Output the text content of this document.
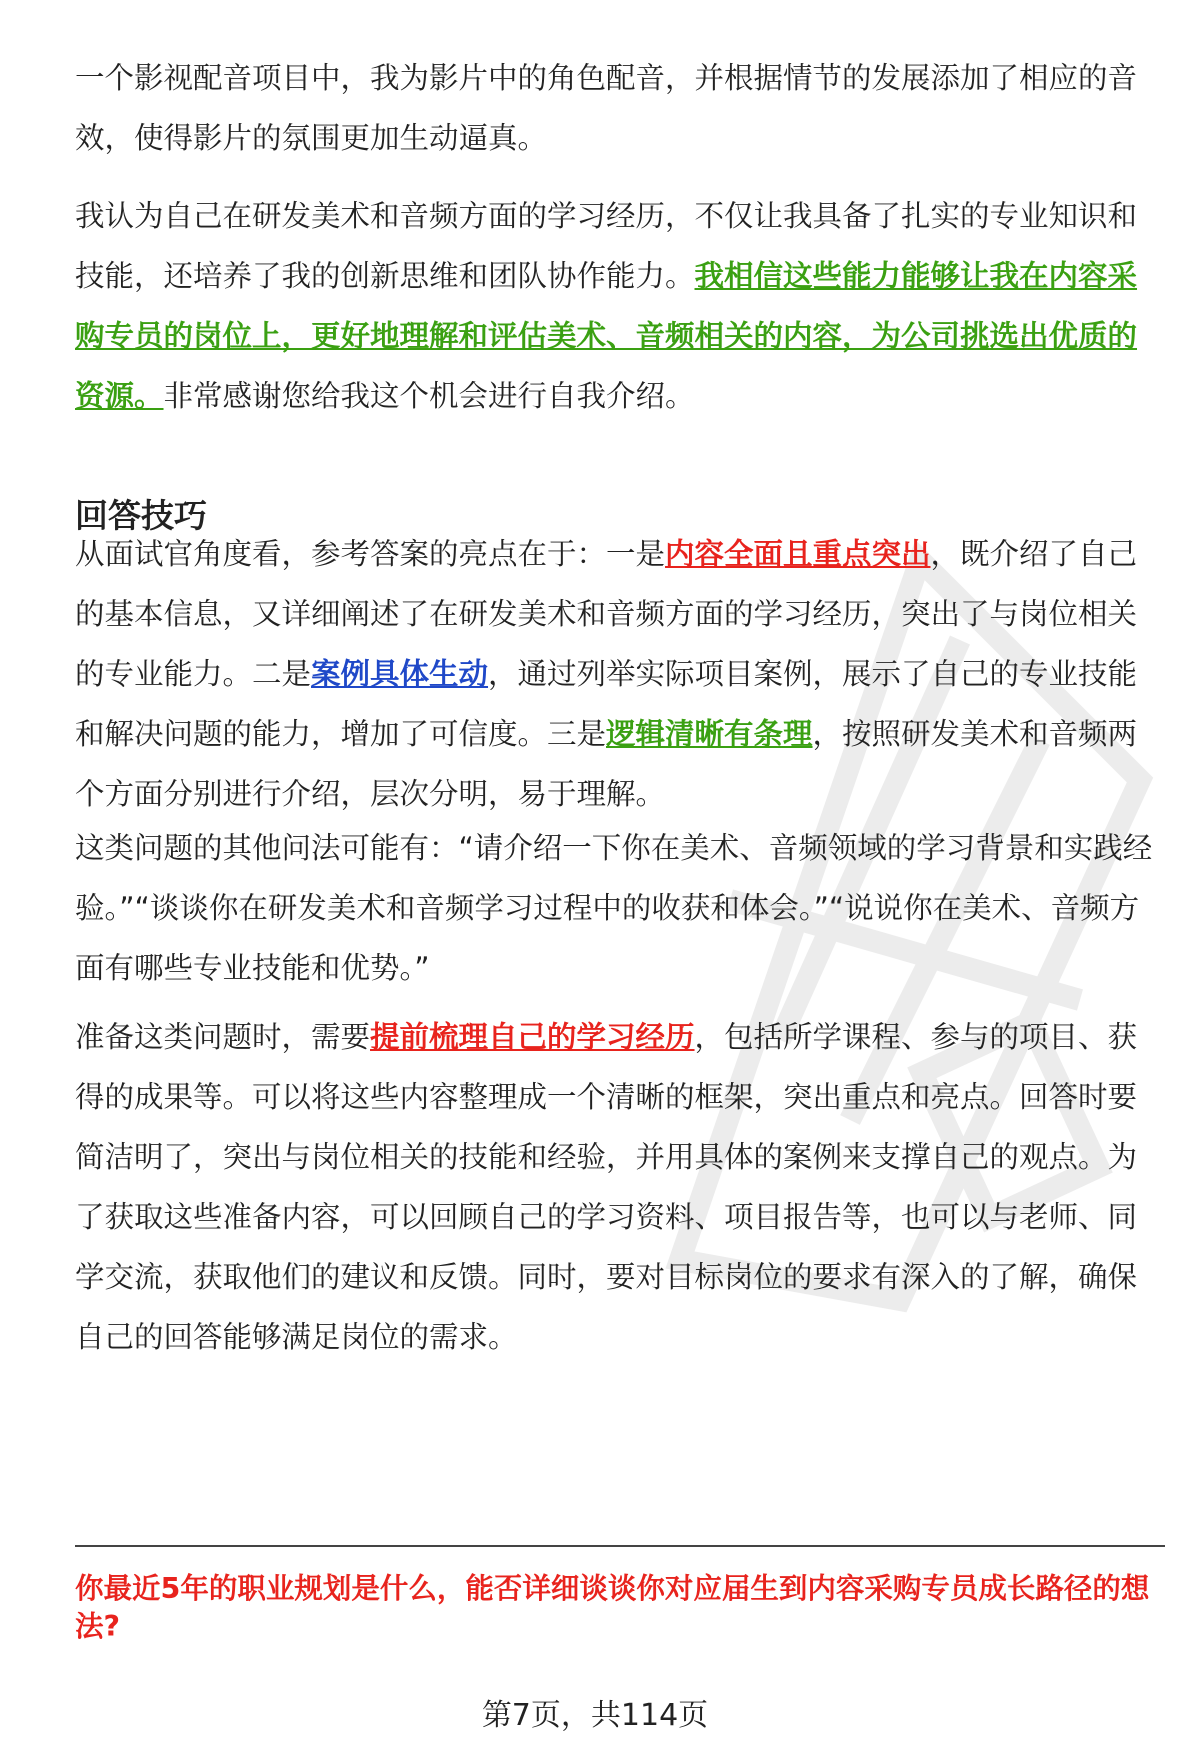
一个影视配音项目中，我为影片中的角色配音，并根据情节的发展添加了相应的音效，使得影片的氛围更加生动逼真。

我认为自己在研发美术和音频方面的学习经历，不仅让我具备了扎实的专业知识和技能，还培养了我的创新思维和团队协作能力。我相信这些能力能够让我在内容采购专员的岗位上，更好地理解和评估美术、音频相关的内容，为公司挑选出优质的资源。非常感谢您给我这个机会进行自我介绍。

回答技巧

从面试官角度看，参考答案的亮点在于：一是内容全面且重点突出，既介绍了自己的基本信息，又详细阐述了在研发美术和音频方面的学习经历，突出了与岗位相关的专业能力。二是案例具体生动，通过列举实际项目案例，展示了自己的专业技能和解决问题的能力，增加了可信度。三是逻辑清晰有条理，按照研发美术和音频两个方面分别进行介绍，层次分明，易于理解。

这类问题的其他问法可能有：“请介绍一下你在美术、音频领域的学习背景和实践经验。”“谈谈你在研发美术和音频学习过程中的收获和体会。”“说说你在美术、音频方面有哪些专业技能和优势。”

准备这类问题时，需要提前梳理自己的学习经历，包括所学课程、参与的项目、获得的成果等。可以将这些内容整理成一个清晰的框架，突出重点和亮点。回答时要简洁明了，突出与岗位相关的技能和经验，并用具体的案例来支撑自己的观点。为了获取这些准备内容，可以回顾自己的学习资料、项目报告等，也可以与老师、同学交流，获取他们的建议和反馈。同时，要对目标岗位的要求有深入的了解，确保自己的回答能够满足岗位的需求。

你最近5年的职业规划是什么，能否详细谈谈你对应届生到内容采购专员成长路径的想法?

第7页，共114页
